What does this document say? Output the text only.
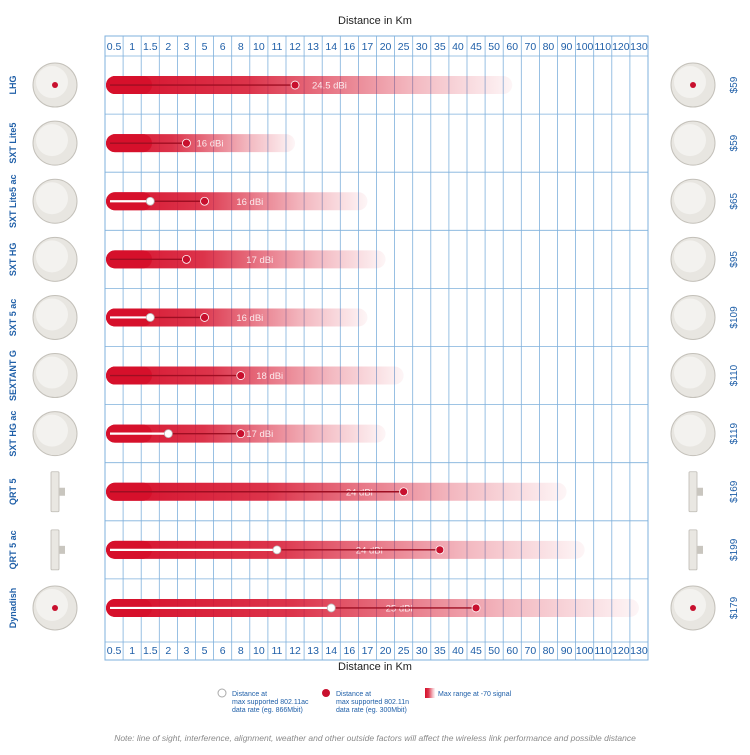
Distance in Km
Distance in Km
0.5
0.5
1
1
1.5
1.5
2
2
3
3
5
5
6
6
8
8
10
10
11
11
12
12
13
13
14
14
16
16
17
17
20
20
25
25
30
30
35
35
40
40
45
45
50
50
60
60
70
70
80
80
90
90
100
100
110
110
120
120
130
130
LHG	$59
24.5 dBi
SXT Lite5	$59
16 dBi
SXT Lite5 ac	$65
16 dBi
SXT HG	$95
17 dBi
SXT 5 ac	$109
16 dBi
SEXTANT G	$110
18 dBi
SXT HG ac	$119
17 dBi
QRT 5	$169
24 dBi
QRT 5 ac	$199
24 dBi
Dynadish	$179
25 dBi
Distance at
max supported 802.11ac
data rate (eg. 866Mbit)
Distance at
max supported 802.11n
data rate (eg. 300Mbit)
Max range at -70 signal
Note: line of sight, interference, alignment, weather and other outside factors will affect the wireless link performance and possible distance
